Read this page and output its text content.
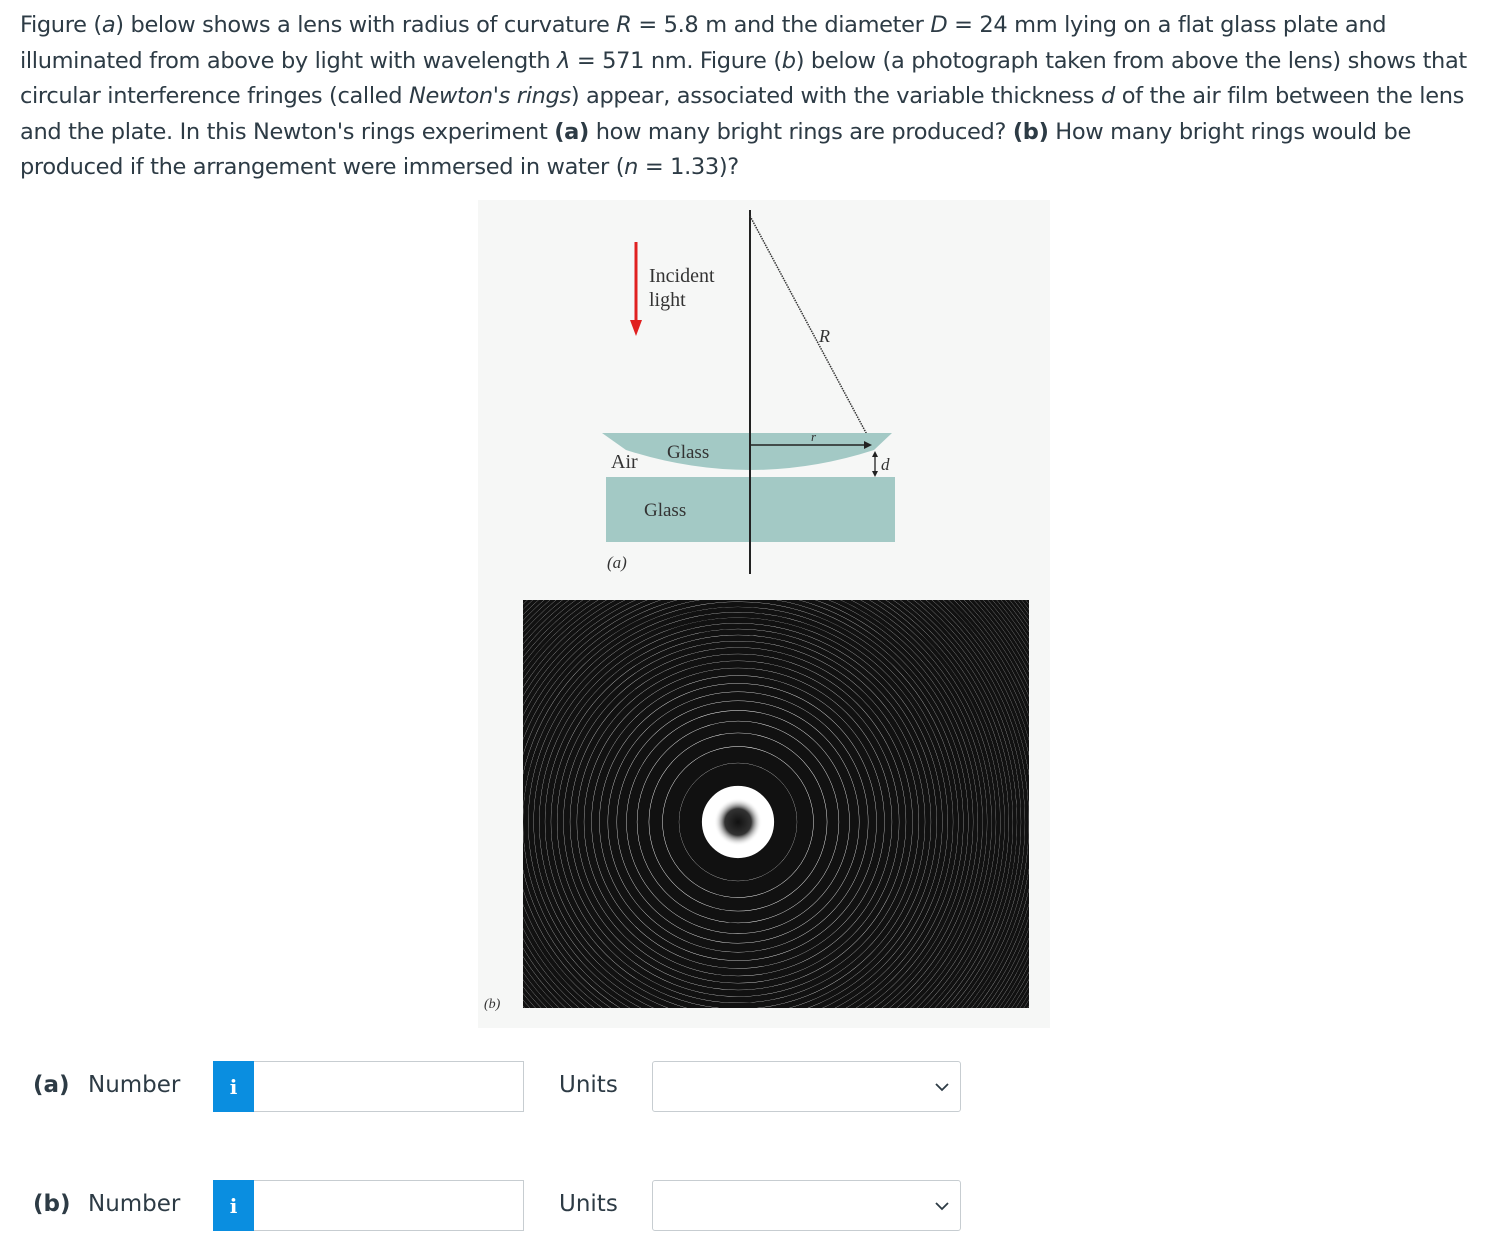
Figure (a) below shows a lens with radius of curvature R = 5.8 m and the diameter D = 24 mm lying on a flat glass plate and illuminated from above by light with wavelength λ = 571 nm. Figure (b) below (a photograph taken from above the lens) shows that circular interference fringes (called Newton's rings) appear, associated with the variable thickness d of the air film between the lens and the plate. In this Newton's rings experiment (a) how many bright rings are produced? (b) How many bright rings would be produced if the arrangement were immersed in water (n = 1.33)?
Incident
light
R
r
d
Air Glass
Glass
(a)
(b)
(a) Number	i	Units
(b) Number	i	Units
